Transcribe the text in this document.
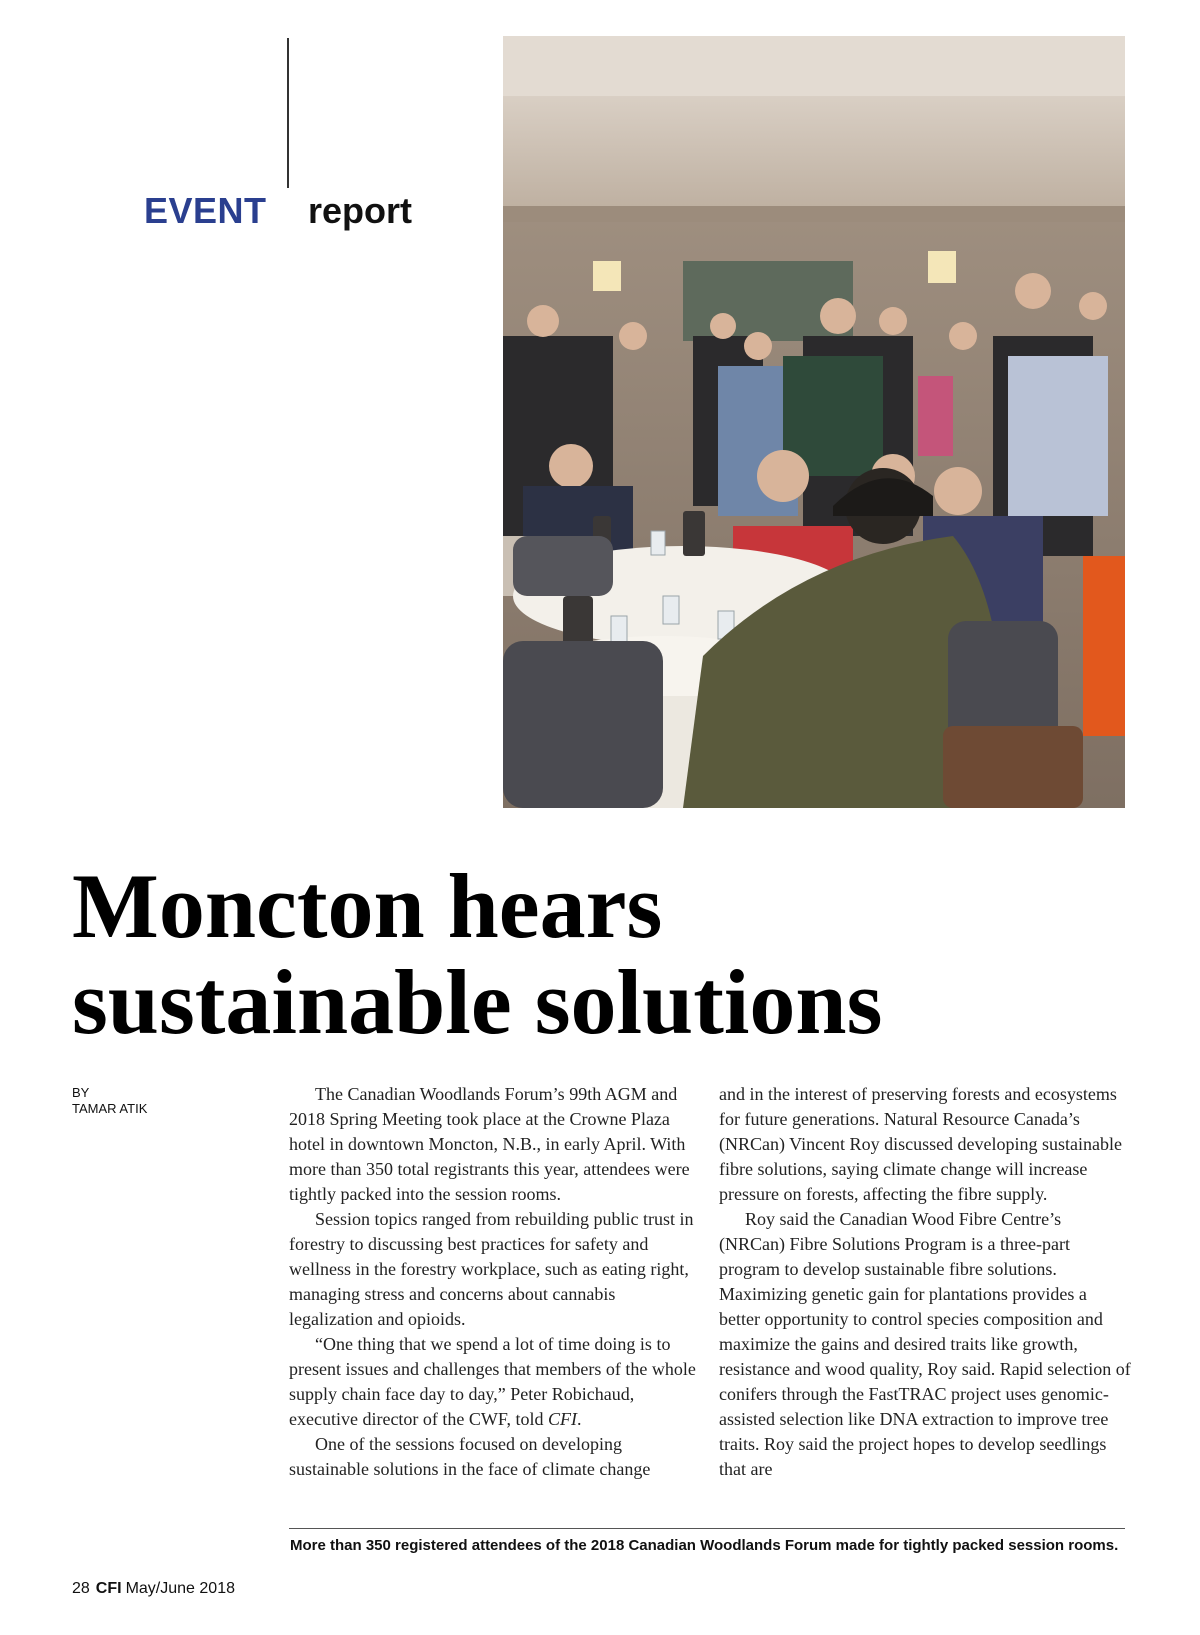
EVENT report
Moncton hears
sustainable solutions
BY
TAMAR ATIK

The Canadian Woodlands Forum’s 99th AGM and 2018 Spring Meeting took place at the Crowne Plaza hotel in downtown Moncton, N.B., in early April. With more than 350 total registrants this year, attendees were tightly packed into the session rooms.

Session topics ranged from rebuilding public trust in forestry to discussing best practices for safety and wellness in the forestry workplace, such as eating right, managing stress and concerns about cannabis legalization and opioids.

“One thing that we spend a lot of time doing is to present issues and challenges that members of the whole supply chain face day to day,” Peter Robichaud, executive director of the CWF, told CFI.

One of the sessions focused on developing sustainable solutions in the face of climate change

and in the interest of preserving forests and ecosystems for future generations. Natural Resource Canada’s (NRCan) Vincent Roy discussed developing sustainable fibre solutions, saying climate change will increase pressure on forests, affecting the fibre supply.

Roy said the Canadian Wood Fibre Centre’s (NRCan) Fibre Solutions Program is a three-part program to develop sustainable fibre solutions. Maximizing genetic gain for plantations provides a better opportunity to control species composition and maximize the gains and desired traits like growth, resistance and wood quality, Roy said. Rapid selection of conifers through the FastTRAC project uses genomic-assisted selection like DNA extraction to improve tree traits. Roy said the project hopes to develop seedlings that are

More than 350 registered attendees of the 2018 Canadian Woodlands Forum made for tightly packed session rooms.
28 CFI May/June 2018
